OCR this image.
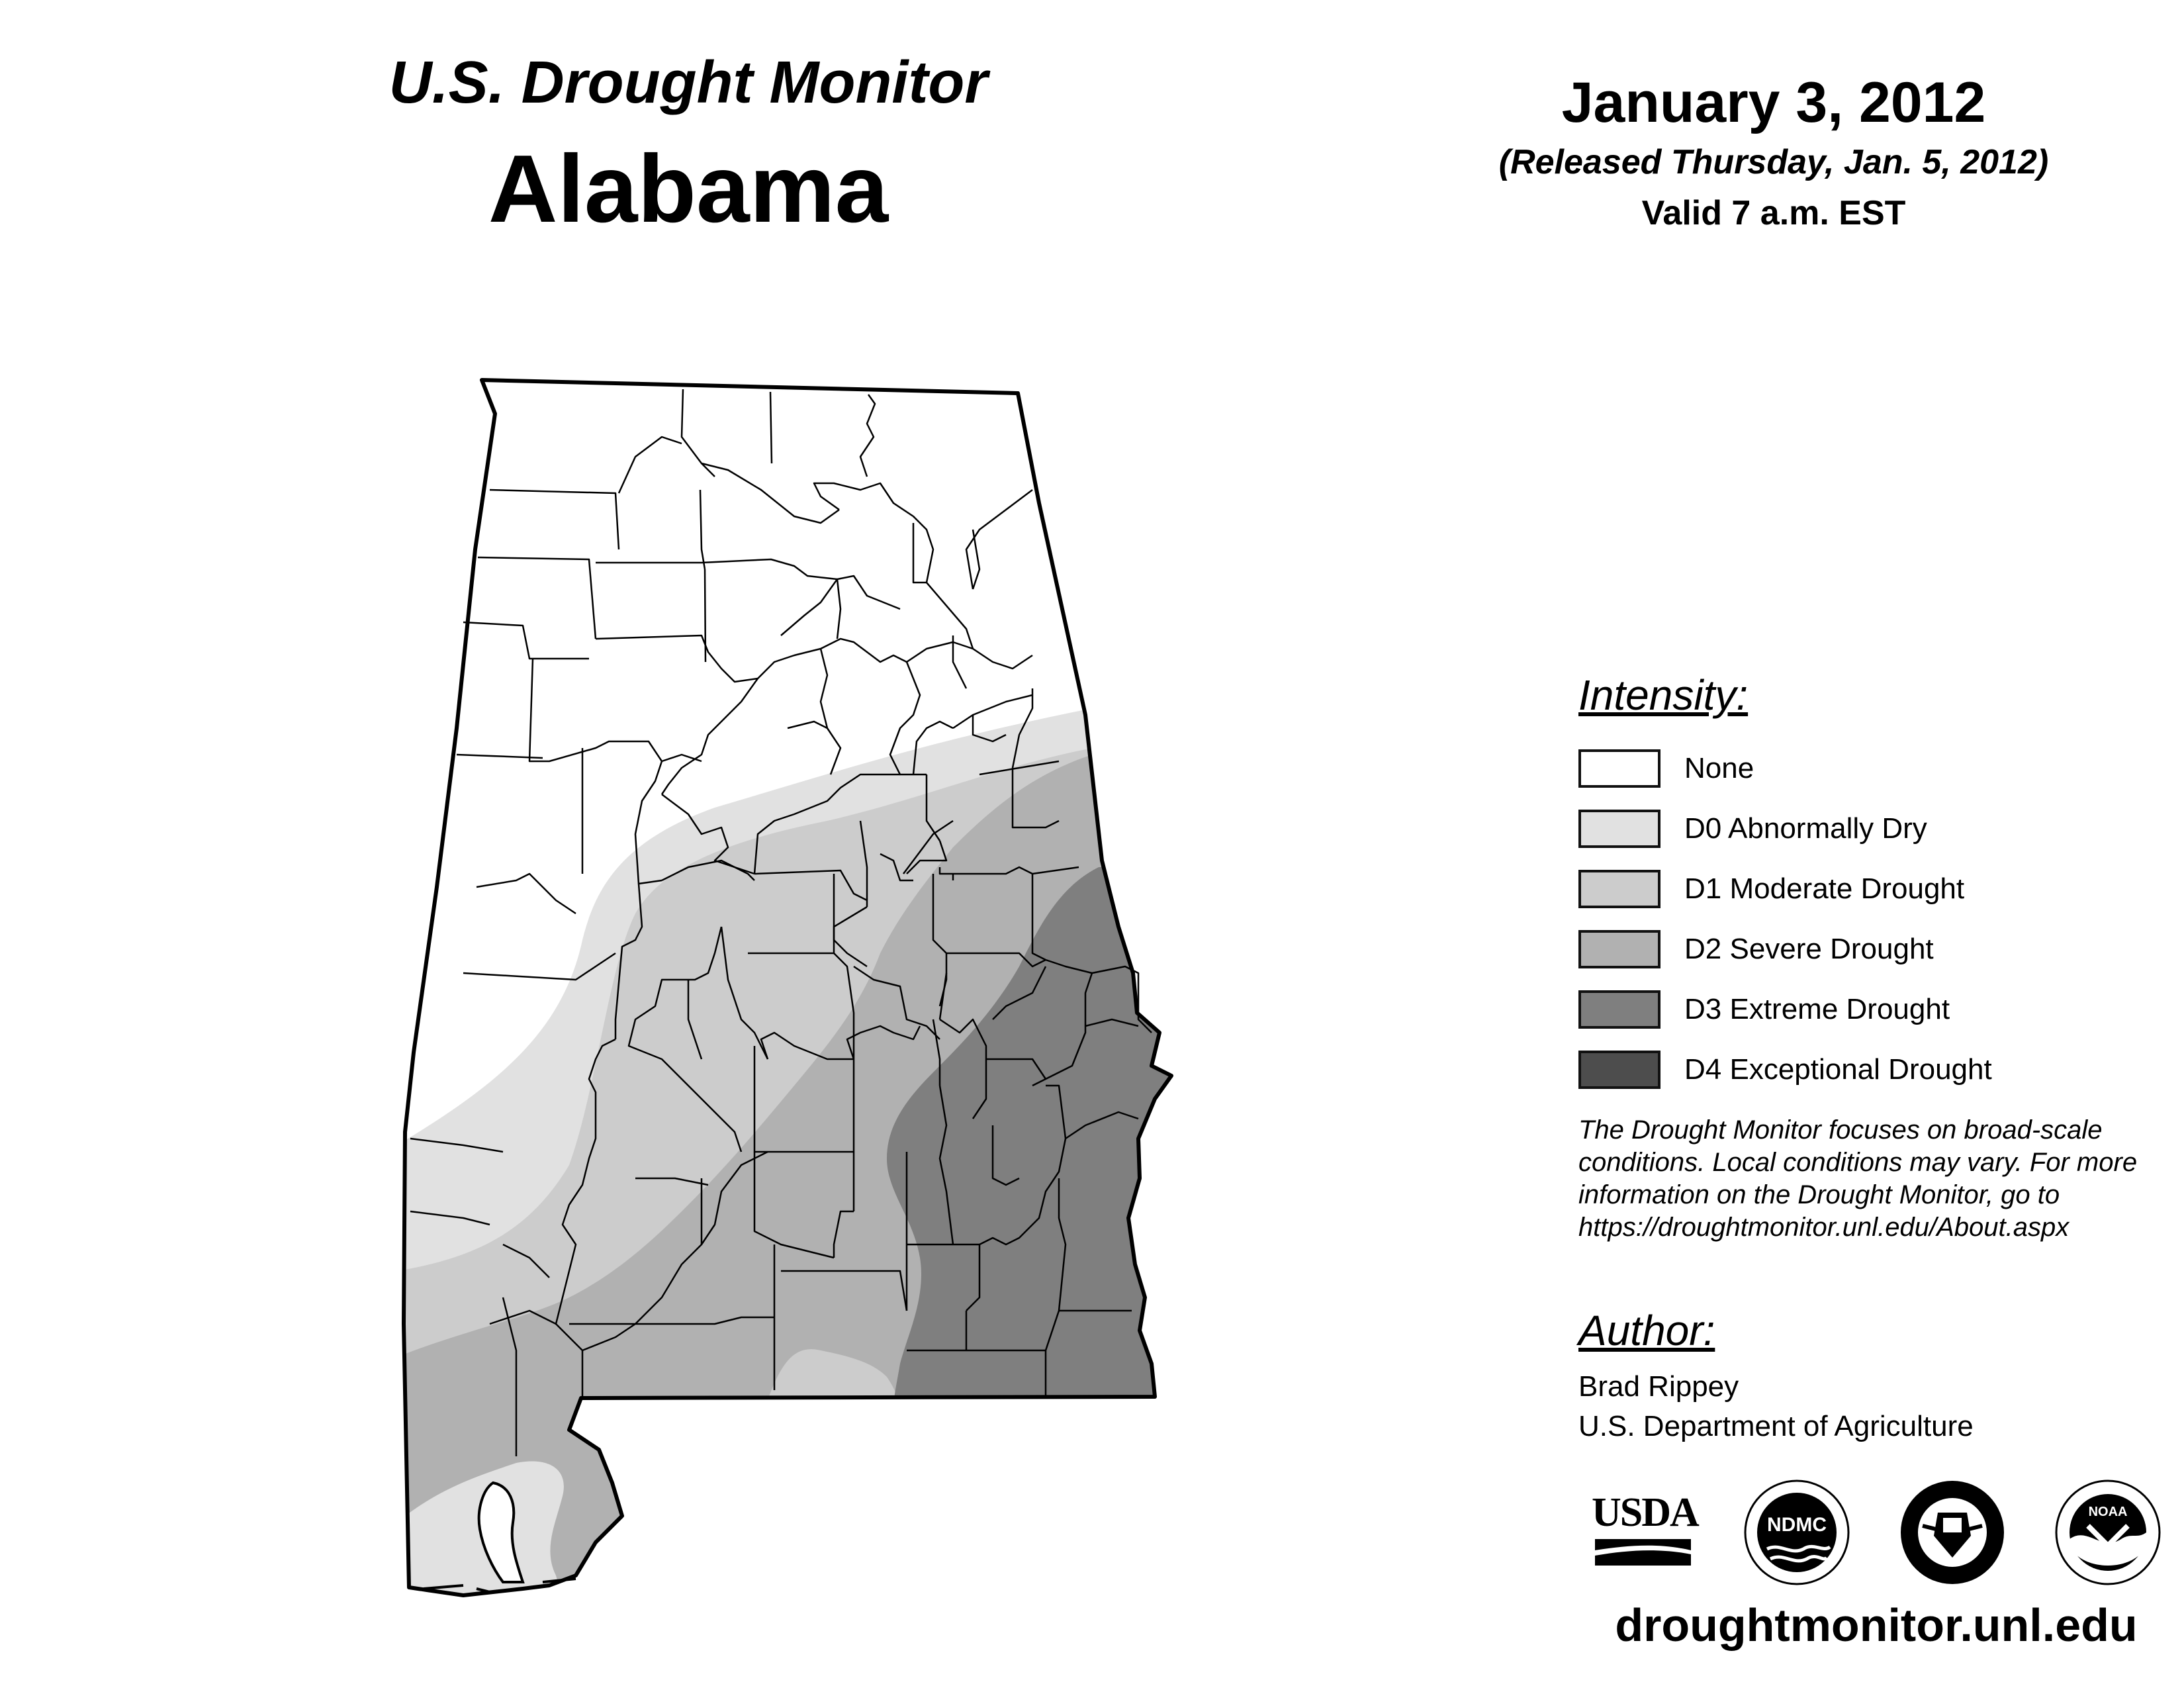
U.S. Drought Monitor
Alabama
January 3, 2012
(Released Thursday, Jan. 5, 2012)
Valid 7 a.m. EST
Intensity:
None
D0 Abnormally Dry
D1 Moderate Drought
D2 Severe Drought
D3 Extreme Drought
D4 Exceptional Drought
The Drought Monitor focuses on broad-scale
conditions. Local conditions may vary. For more
information on the Drought Monitor, go to
https://droughtmonitor.unl.edu/About.aspx
Author:
Brad Rippey
U.S. Department of Agriculture
USDA	NDMC
NOAA
droughtmonitor.unl.edu
